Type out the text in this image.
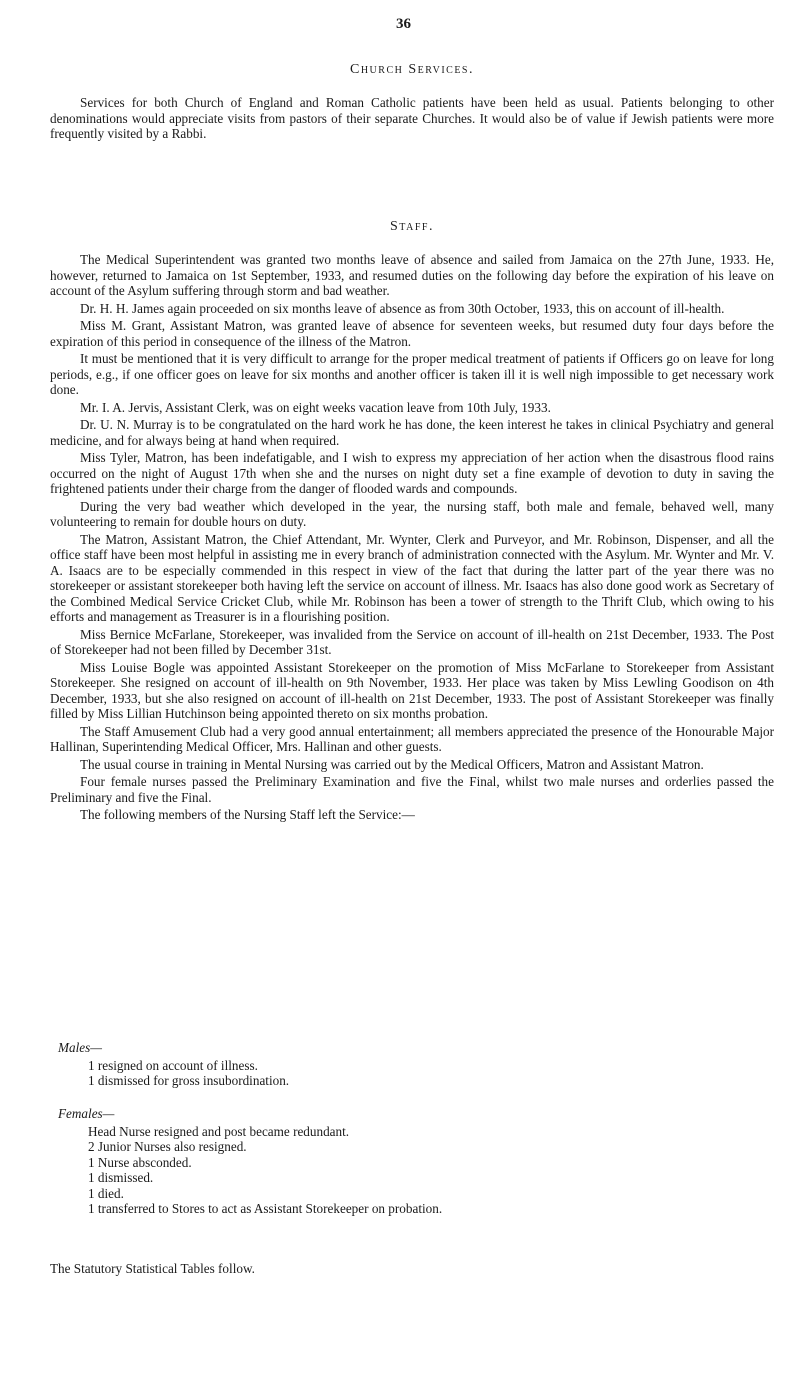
36
Church Services.

Services for both Church of England and Roman Catholic patients have been held as usual. Patients belonging to other denominations would appreciate visits from pastors of their separate Churches. It would also be of value if Jewish patients were more frequently visited by a Rabbi.

Staff.

The Medical Superintendent was granted two months leave of absence and sailed from Jamaica on the 27th June, 1933. He, however, returned to Jamaica on 1st September, 1933, and resumed duties on the following day before the expiration of his leave on account of the Asylum suffering through storm and bad weather.

Dr. H. H. James again proceeded on six months leave of absence as from 30th October, 1933, this on account of ill-health.

Miss M. Grant, Assistant Matron, was granted leave of absence for seventeen weeks, but resumed duty four days before the expiration of this period in consequence of the illness of the Matron.

It must be mentioned that it is very difficult to arrange for the proper medical treatment of patients if Officers go on leave for long periods, e.g., if one officer goes on leave for six months and another officer is taken ill it is well nigh impossible to get necessary work done.

Mr. I. A. Jervis, Assistant Clerk, was on eight weeks vacation leave from 10th July, 1933.

Dr. U. N. Murray is to be congratulated on the hard work he has done, the keen interest he takes in clinical Psychiatry and general medicine, and for always being at hand when required.

Miss Tyler, Matron, has been indefatigable, and I wish to express my appreciation of her action when the disastrous flood rains occurred on the night of August 17th when she and the nurses on night duty set a fine example of devotion to duty in saving the frightened patients under their charge from the danger of flooded wards and compounds.

During the very bad weather which developed in the year, the nursing staff, both male and female, behaved well, many volunteering to remain for double hours on duty.

The Matron, Assistant Matron, the Chief Attendant, Mr. Wynter, Clerk and Purveyor, and Mr. Robinson, Dispenser, and all the office staff have been most helpful in assisting me in every branch of administration connected with the Asylum. Mr. Wynter and Mr. V. A. Isaacs are to be especially commended in this respect in view of the fact that during the latter part of the year there was no storekeeper or assistant storekeeper both having left the service on account of illness. Mr. Isaacs has also done good work as Secretary of the Combined Medical Service Cricket Club, while Mr. Robinson has been a tower of strength to the Thrift Club, which owing to his efforts and management as Treasurer is in a flourishing position.

Miss Bernice McFarlane, Storekeeper, was invalided from the Service on account of ill-health on 21st December, 1933. The Post of Storekeeper had not been filled by December 31st.

Miss Louise Bogle was appointed Assistant Storekeeper on the promotion of Miss McFarlane to Storekeeper from Assistant Storekeeper. She resigned on account of ill-health on 9th November, 1933. Her place was taken by Miss Lewling Goodison on 4th December, 1933, but she also resigned on account of ill-health on 21st December, 1933. The post of Assistant Storekeeper was finally filled by Miss Lillian Hutchinson being appointed thereto on six months probation.

The Staff Amusement Club had a very good annual entertainment; all members appreciated the presence of the Honourable Major Hallinan, Superintending Medical Officer, Mrs. Hallinan and other guests.

The usual course in training in Mental Nursing was carried out by the Medical Officers, Matron and Assistant Matron.

Four female nurses passed the Preliminary Examination and five the Final, whilst two male nurses and orderlies passed the Preliminary and five the Final.

The following members of the Nursing Staff left the Service:—

Males—
1 resigned on account of illness.
1 dismissed for gross insubordination.
Females—
Head Nurse resigned and post became redundant.
2 Junior Nurses also resigned.
1 Nurse absconded.
1 dismissed.
1 died.
1 transferred to Stores to act as Assistant Storekeeper on probation.
The Statutory Statistical Tables follow.
